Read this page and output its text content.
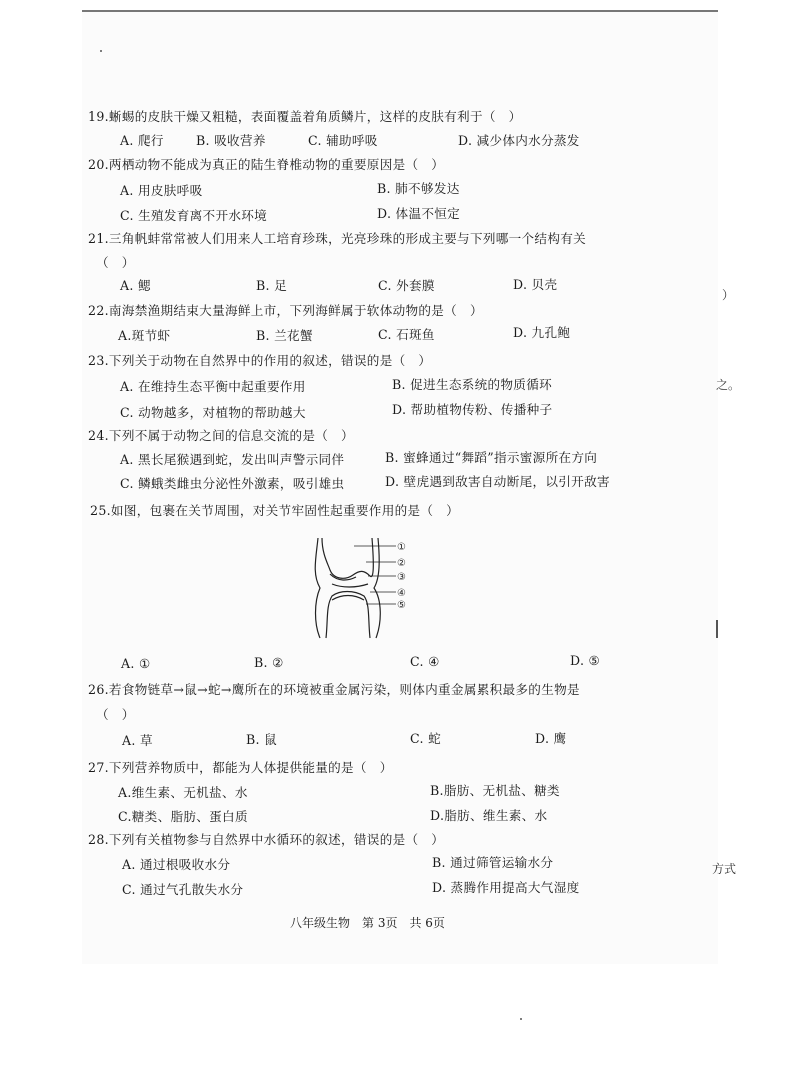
）
之。
方式
19.蜥蜴的皮肤干燥又粗糙，表面覆盖着角质鳞片，这样的皮肤有利于（　）
A. 爬行	B. 吸收营养	C. 辅助呼吸	D. 减少体内水分蒸发
20.两栖动物不能成为真正的陆生脊椎动物的重要原因是（　）
A. 用皮肤呼吸	B. 肺不够发达
C. 生殖发育离不开水环境	D. 体温不恒定
21.三角帆蚌常常被人们用来人工培育珍珠，光亮珍珠的形成主要与下列哪一个结构有关
（　）
A. 鳃	B. 足	C. 外套膜	D. 贝壳
22.南海禁渔期结束大量海鲜上市，下列海鲜属于软体动物的是（　）
A.斑节虾	B. 兰花蟹	C. 石斑鱼	D. 九孔鲍
23.下列关于动物在自然界中的作用的叙述，错误的是（　）
A. 在维持生态平衡中起重要作用	B. 促进生态系统的物质循环
C. 动物越多，对植物的帮助越大	D. 帮助植物传粉、传播种子
24.下列不属于动物之间的信息交流的是（　）
A. 黑长尾猴遇到蛇，发出叫声警示同伴	B. 蜜蜂通过“舞蹈”指示蜜源所在方向
C. 鳞蛾类雌虫分泌性外激素，吸引雄虫	D. 壁虎遇到敌害自动断尾，以引开敌害
25.如图，包裹在关节周围，对关节牢固性起重要作用的是（　）
①
②
③
④
⑤
A. ①	B. ②	C. ④	D. ⑤
26.若食物链草→鼠→蛇→鹰所在的环境被重金属污染，则体内重金属累积最多的生物是
（　）
A. 草	B. 鼠	C. 蛇	D. 鹰
27.下列营养物质中，都能为人体提供能量的是（　）
A.维生素、无机盐、水	B.脂肪、无机盐、糖类
C.糖类、脂肪、蛋白质	D.脂肪、维生素、水
28.下列有关植物参与自然界中水循环的叙述，错误的是（　）
A. 通过根吸收水分	B. 通过筛管运输水分
C. 通过气孔散失水分	D. 蒸腾作用提高大气湿度
八年级生物　第 3页　共 6页
